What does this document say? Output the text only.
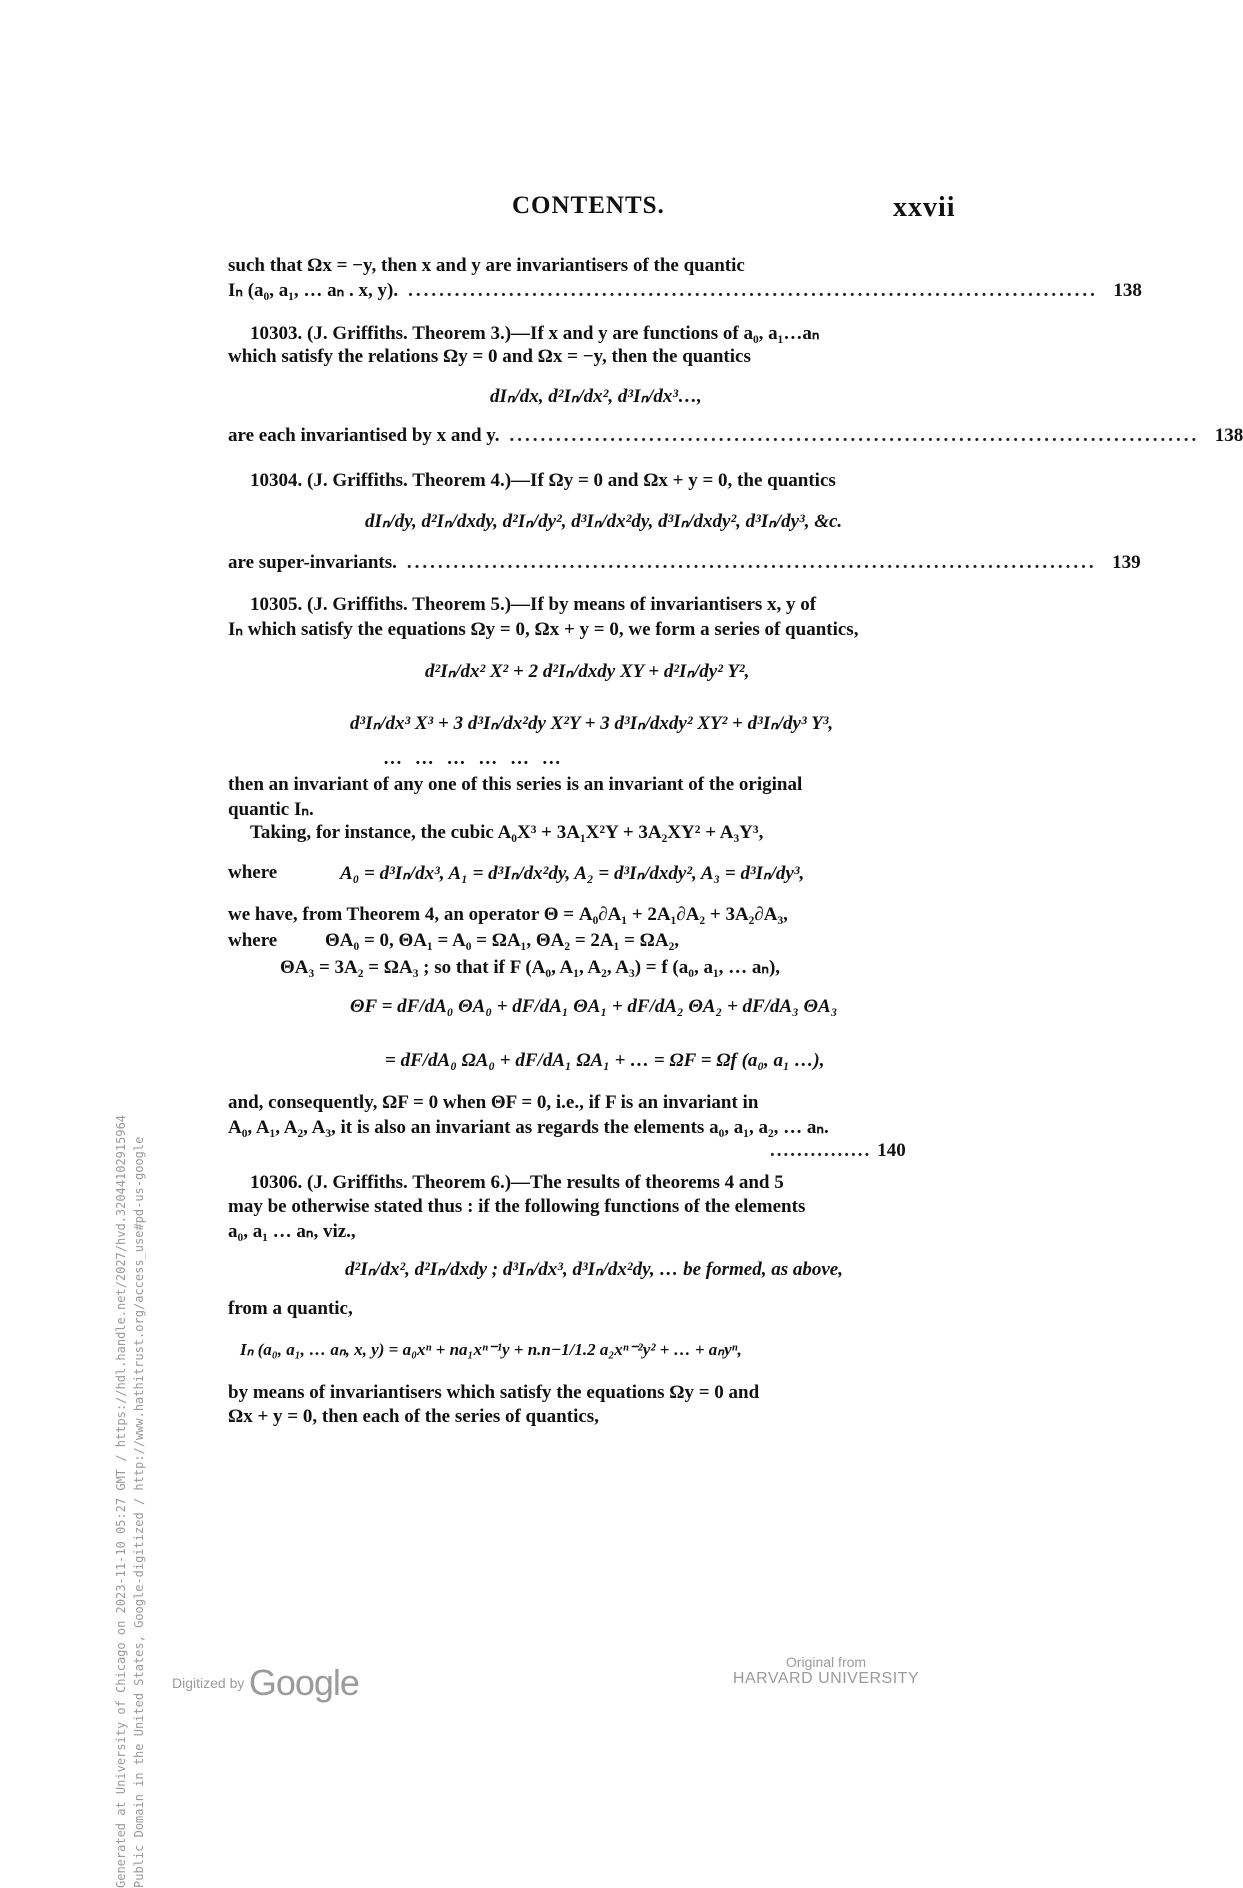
CONTENTS.	xxvii
such that Ωx = −y, then x and y are invariantisers of the quantic
Iₙ (a₀, a₁, … aₙ . x, y). ......................................................................................... 138
10303. (J. Griffiths. Theorem 3.)—If x and y are functions of a₀, a₁…aₙ
which satisfy the relations Ωy = 0 and Ωx = −y, then the quantics
dIₙ/dx, d²Iₙ/dx², d³Iₙ/dx³…,
are each invariantised by x and y. ......................................................................................... 138
10304. (J. Griffiths. Theorem 4.)—If Ωy = 0 and Ωx + y = 0, the quantics
dIₙ/dy, d²Iₙ/dxdy, d²Iₙ/dy², d³Iₙ/dx²dy, d³Iₙ/dxdy², d³Iₙ/dy³, &c.
are super-invariants. ......................................................................................... 139
10305. (J. Griffiths. Theorem 5.)—If by means of invariantisers x, y of
Iₙ which satisfy the equations Ωy = 0, Ωx + y = 0, we form a series of quantics,
d²Iₙ/dx² X² + 2 d²Iₙ/dxdy XY + d²Iₙ/dy² Y²,
d³Iₙ/dx³ X³ + 3 d³Iₙ/dx²dy X²Y + 3 d³Iₙ/dxdy² XY² + d³Iₙ/dy³ Y³,
… … … … … …
then an invariant of any one of this series is an invariant of the original
quantic Iₙ.
Taking, for instance, the cubic A₀X³ + 3A₁X²Y + 3A₂XY² + A₃Y³,
where	A₀ = d³Iₙ/dx³, A₁ = d³Iₙ/dx²dy, A₂ = d³Iₙ/dxdy², A₃ = d³Iₙ/dy³,
we have, from Theorem 4, an operator Θ = A₀∂A₁ + 2A₁∂A₂ + 3A₂∂A₃,
where	ΘA₀ = 0, ΘA₁ = A₀ = ΩA₁, ΘA₂ = 2A₁ = ΩA₂,
ΘA₃ = 3A₂ = ΩA₃ ; so that if F (A₀, A₁, A₂, A₃) = f (a₀, a₁, … aₙ),
ΘF = dF/dA₀ ΘA₀ + dF/dA₁ ΘA₁ + dF/dA₂ ΘA₂ + dF/dA₃ ΘA₃
= dF/dA₀ ΩA₀ + dF/dA₁ ΩA₁ + … = ΩF = Ωf (a₀, a₁ …),
and, consequently, ΩF = 0 when ΘF = 0, i.e., if F is an invariant in
A₀, A₁, A₂, A₃, it is also an invariant as regards the elements a₀, a₁, a₂, … aₙ.
............... 140
10306. (J. Griffiths. Theorem 6.)—The results of theorems 4 and 5
may be otherwise stated thus : if the following functions of the elements
a₀, a₁ … aₙ, viz.,
d²Iₙ/dx², d²Iₙ/dxdy ; d³Iₙ/dx³, d³Iₙ/dx²dy, … be formed, as above,
from a quantic,
Iₙ (a₀, a₁, … aₙ, x, y) = a₀xⁿ + na₁xⁿ⁻¹y + n.n−1/1.2 a₂xⁿ⁻²y² + … + aₙyⁿ,
by means of invariantisers which satisfy the equations Ωy = 0 and
Ωx + y = 0, then each of the series of quantics,
Generated at University of Chicago on 2023-11-10 05:27 GMT / https://hdl.handle.net/2027/hvd.32044102915964 Public Domain in the United States, Google-digitized / http://www.hathitrust.org/access_use#pd-us-google Digitized by Google	Original from
HARVARD UNIVERSITY
